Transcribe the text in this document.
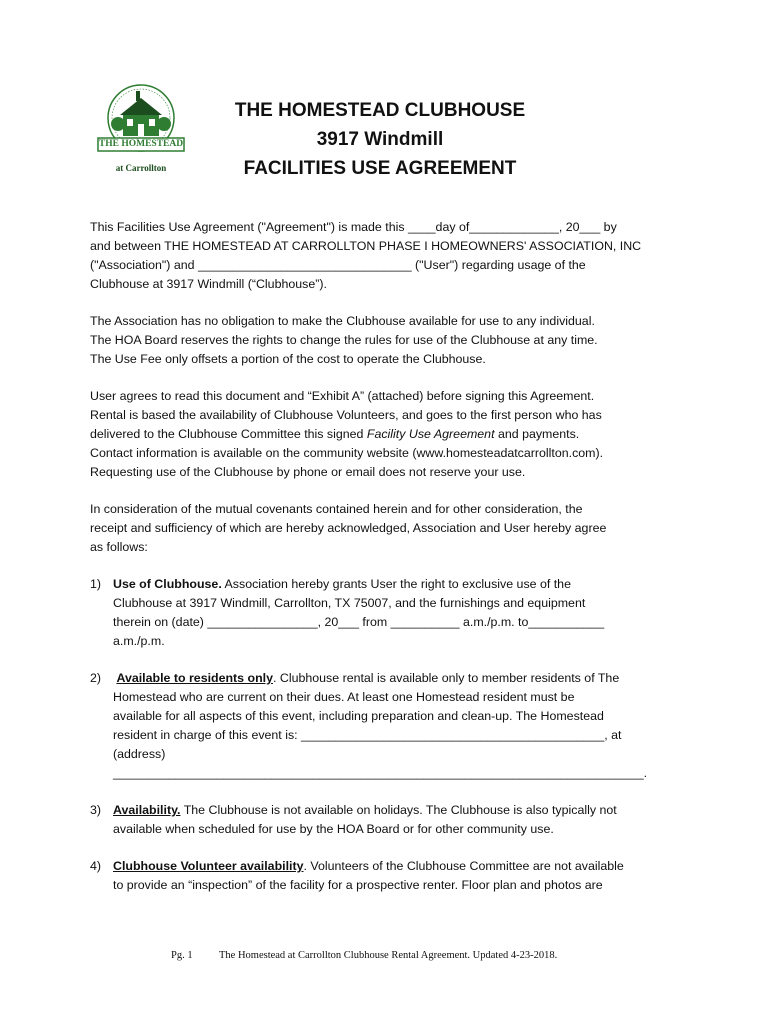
THE HOMESTEAD
at Carrollton
THE HOMESTEAD CLUBHOUSE
3917 Windmill
FACILITIES USE AGREEMENT
This Facilities Use Agreement ("Agreement") is made this ____day of_____________, 20___ by
and between THE HOMESTEAD AT CARROLLTON PHASE I HOMEOWNERS' ASSOCIATION, INC
("Association") and _______________________________ ("User") regarding usage of the
Clubhouse at 3917 Windmill (“Clubhouse”).
The Association has no obligation to make the Clubhouse available for use to any individual.
The HOA Board reserves the rights to change the rules for use of the Clubhouse at any time.
The Use Fee only offsets a portion of the cost to operate the Clubhouse.
User agrees to read this document and “Exhibit A” (attached) before signing this Agreement.
Rental is based the availability of Clubhouse Volunteers, and goes to the first person who has
delivered to the Clubhouse Committee this signed Facility Use Agreement and payments.
Contact information is available on the community website (www.homesteadatcarrollton.com).
Requesting use of the Clubhouse by phone or email does not reserve your use.
In consideration of the mutual covenants contained herein and for other consideration, the
receipt and sufficiency of which are hereby acknowledged, Association and User hereby agree
as follows:
1) Use of Clubhouse. Association hereby grants User the right to exclusive use of the
Clubhouse at 3917 Windmill, Carrollton, TX 75007, and the furnishings and equipment
therein on (date) ________________, 20___ from __________ a.m./p.m. to___________
a.m./p.m.
2) Available to residents only. Clubhouse rental is available only to member residents of The
Homestead who are current on their dues. At least one Homestead resident must be
available for all aspects of this event, including preparation and clean-up. The Homestead
resident in charge of this event is: ____________________________________________, at
(address)
_____________________________________________________________________________.
3) Availability. The Clubhouse is not available on holidays. The Clubhouse is also typically not
available when scheduled for use by the HOA Board or for other community use.
4) Clubhouse Volunteer availability. Volunteers of the Clubhouse Committee are not available
to provide an “inspection” of the facility for a prospective renter. Floor plan and photos are
Pg. 1	The Homestead at Carrollton Clubhouse Rental Agreement. Updated 4-23-2018.
